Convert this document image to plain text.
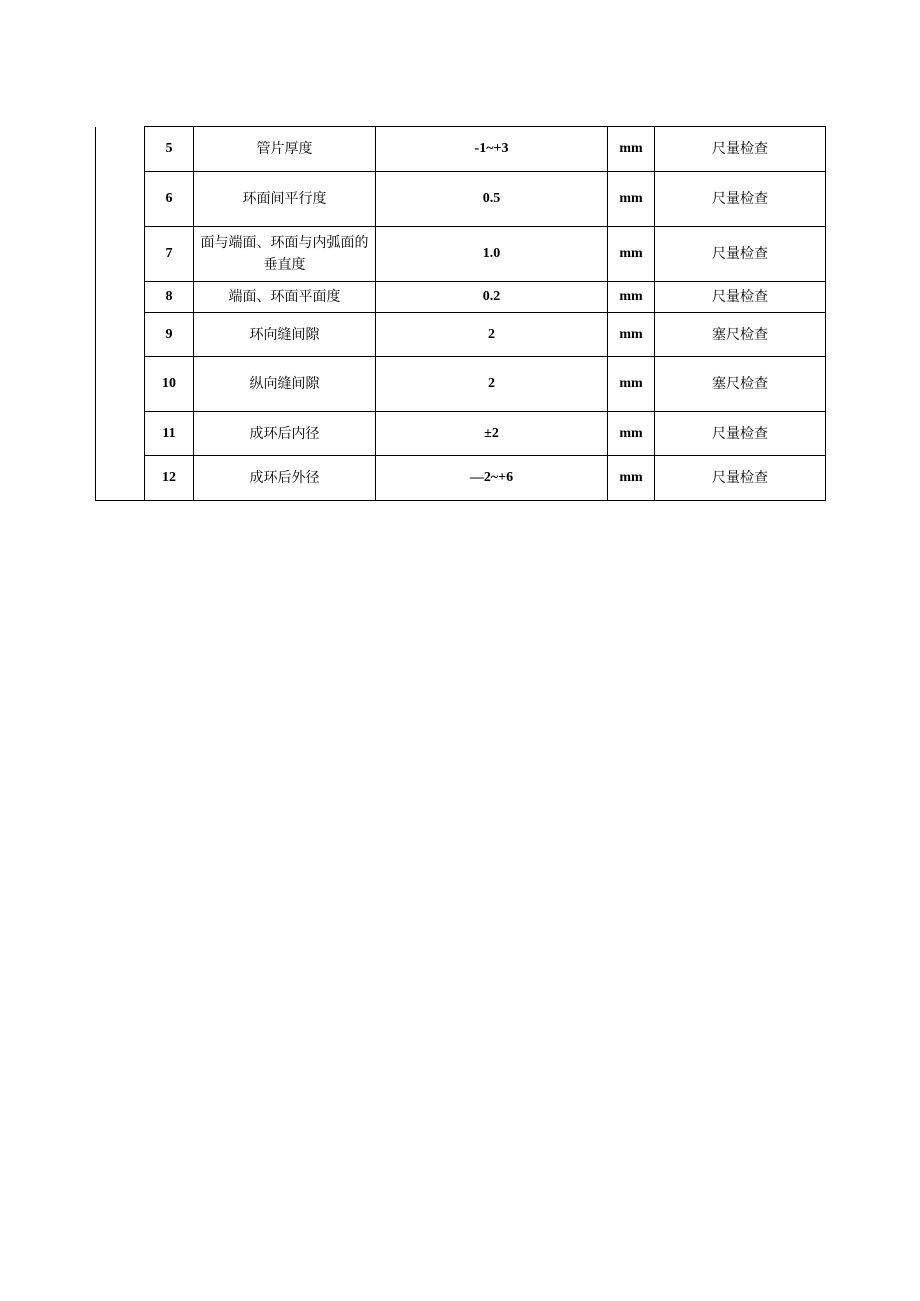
	5	管片厚度	-1~+3	mm	尺量检查
	6	环面间平行度	0.5	mm	尺量检查
	7	面与端面、环面与内弧面的垂直度	1.0	mm	尺量检查
	8	端面、环面平面度	0.2	mm	尺量检查
	9	环向缝间隙	2	mm	塞尺检查
	10	纵向缝间隙	2	mm	塞尺检查
	11	成环后内径	±2	mm	尺量检查
	12	成环后外径	—2~+6	mm	尺量检查
